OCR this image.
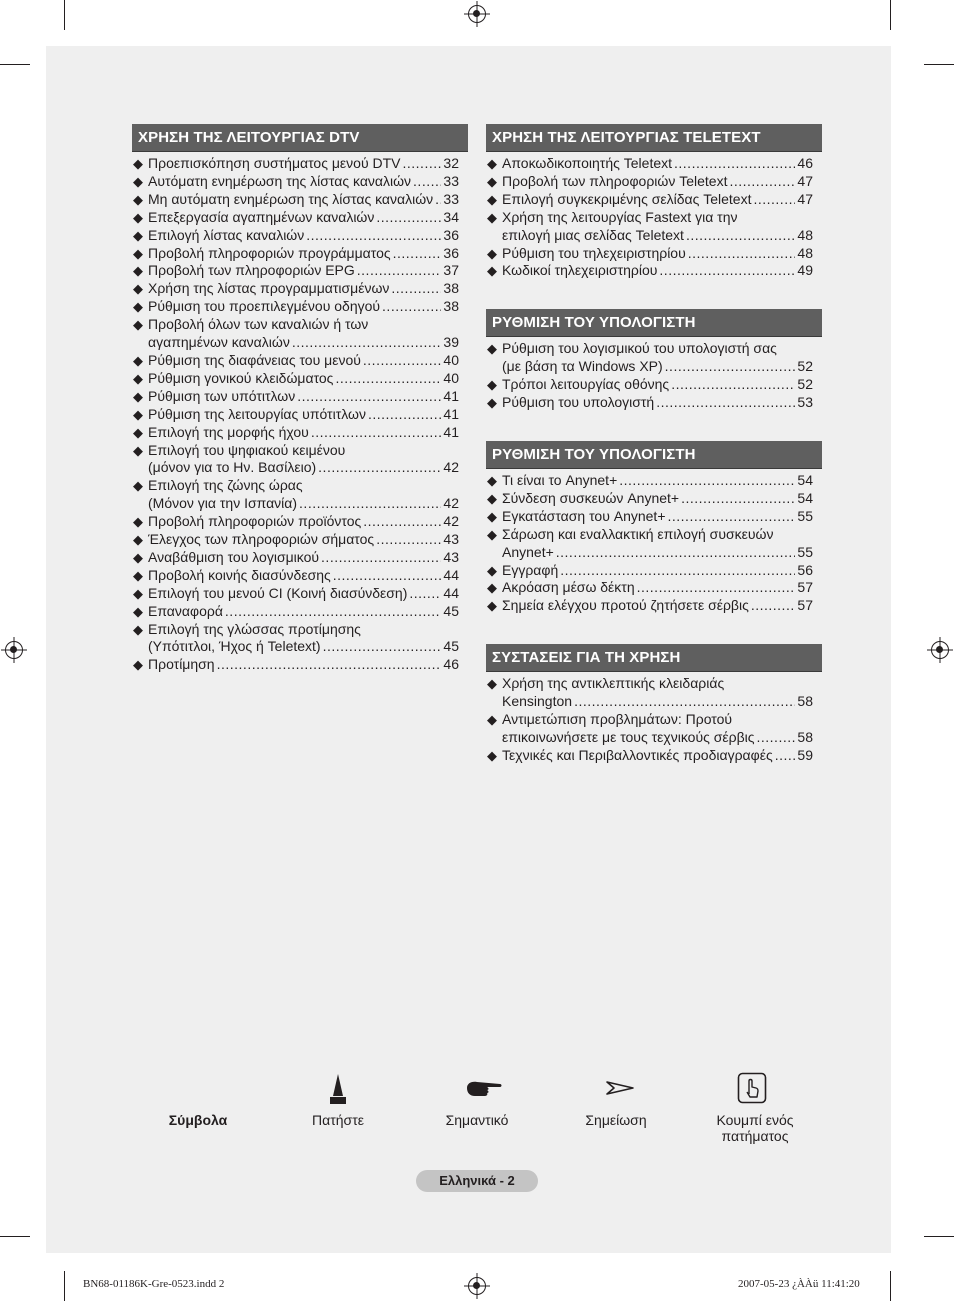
ΧΡΗΣΗ ΤΗΣ ΛΕΙΤΟΥΡΓΙΑΣ DTV
◆ Προεπισκόπηση συστήματος μενού DTV .....	32
◆ Αυτόματη ενημέρωση της λίστας καναλιών ..... 33
◆ Μη αυτόματη ενημέρωση της λίστας καναλιών ..... 33
◆ Επεξεργασία αγαπημένων καναλιών .....	34
◆ Επιλογή λίστας καναλιών .....	36
◆ Προβολή πληροφοριών προγράμματος .....	36
◆ Προβολή των πληροφοριών EPG .....	37
◆ Χρήση της λίστας προγραμματισμένων .....	38
◆ Ρύθμιση του προεπιλεγμένου οδηγού .....	38
◆ Προβολή όλων των καναλιών ή των
αγαπημένων καναλιών .....	39
◆ Ρύθμιση της διαφάνειας του μενού .....	40
◆ Ρύθμιση γονικού κλειδώματος .....	40
◆ Ρύθμιση των υπότιτλων .....	41
◆ Ρύθμιση της λειτουργίας υπότιτλων .....	41
◆ Επιλογή της μορφής ήχου .....	41
◆ Επιλογή του ψηφιακού κειμένου
(μόνον για το Ην. Βασίλειο) .....	42
◆ Επιλογή της ζώνης ώρας
(Μόνον για την Ισπανία) .....	42
◆ Προβολή πληροφοριών προϊόντος .....	42
◆ Έλεγχος των πληροφοριών σήματος .....	43
◆ Αναβάθμιση του λογισμικού .....	43
◆ Προβολή κοινής διασύνδεσης .....	44
◆ Επιλογή του μενού CI (Κοινή διασύνδεση) .....	44
◆ Επαναφορά .....	45
◆ Επιλογή της γλώσσας προτίμησης
(Υπότιτλοι, Ήχος ή Teletext) .....	45
◆ Προτίμηση .....	46
ΧΡΗΣΗ ΤΗΣ ΛΕΙΤΟΥΡΓΙΑΣ TELETEXT
◆ Αποκωδικοποιητής Teletext .....	46
◆ Προβολή των πληροφοριών Teletext .....	47
◆ Επιλογή συγκεκριμένης σελίδας Teletext .....	47
◆ Χρήση της λειτουργίας Fastext για την
επιλογή μιας σελίδας Teletext .....	48
◆ Ρύθμιση του τηλεχειριστηρίου .....	48
◆ Κωδικοί τηλεχειριστηρίου .....	49
ΡΥΘΜΙΣΗ ΤΟΥ ΥΠΟΛΟΓΙΣΤΗ
◆ Ρύθμιση του λογισμικού του υπολογιστή σας
(με βάση τα Windows XP) .....	52
◆ Τρόποι λειτουργίας οθόνης .....	52
◆ Ρύθμιση του υπολογιστή .....	53
ΡΥΘΜΙΣΗ ΤΟΥ ΥΠΟΛΟΓΙΣΤΗ
◆ Τι είναι το Anynet+ .....	54
◆ Σύνδεση συσκευών Anynet+ .....	54
◆ Εγκατάσταση του Anynet+ .....	55
◆ Σάρωση και εναλλακτική επιλογή συσκευών
Anynet+ .....	55
◆ Εγγραφή .....	56
◆ Ακρόαση μέσω δέκτη .....	57
◆ Σημεία ελέγχου προτού ζητήσετε σέρβις .....	57
ΣΥΣΤΑΣΕΙΣ ΓΙΑ ΤΗ ΧΡΗΣΗ
◆ Χρήση της αντικλεπτικής κλειδαριάς
Kensington .....	58
◆ Αντιμετώπιση προβλημάτων: Προτού
επικοινωνήσετε με τους τεχνικούς σέρβις .....	58
◆ Τεχνικές και Περιβαλλοντικές προδιαγραφές ..... 59
Σύμβολα	Πατήστε	Σημαντικό	Σημείωση	Κουμπί ενός
πατήματος
Ελληνικά - 2
BN68-01186K-Gre-0523.indd 2	2007-05-23 ¿ÀÀü 11:41:20
